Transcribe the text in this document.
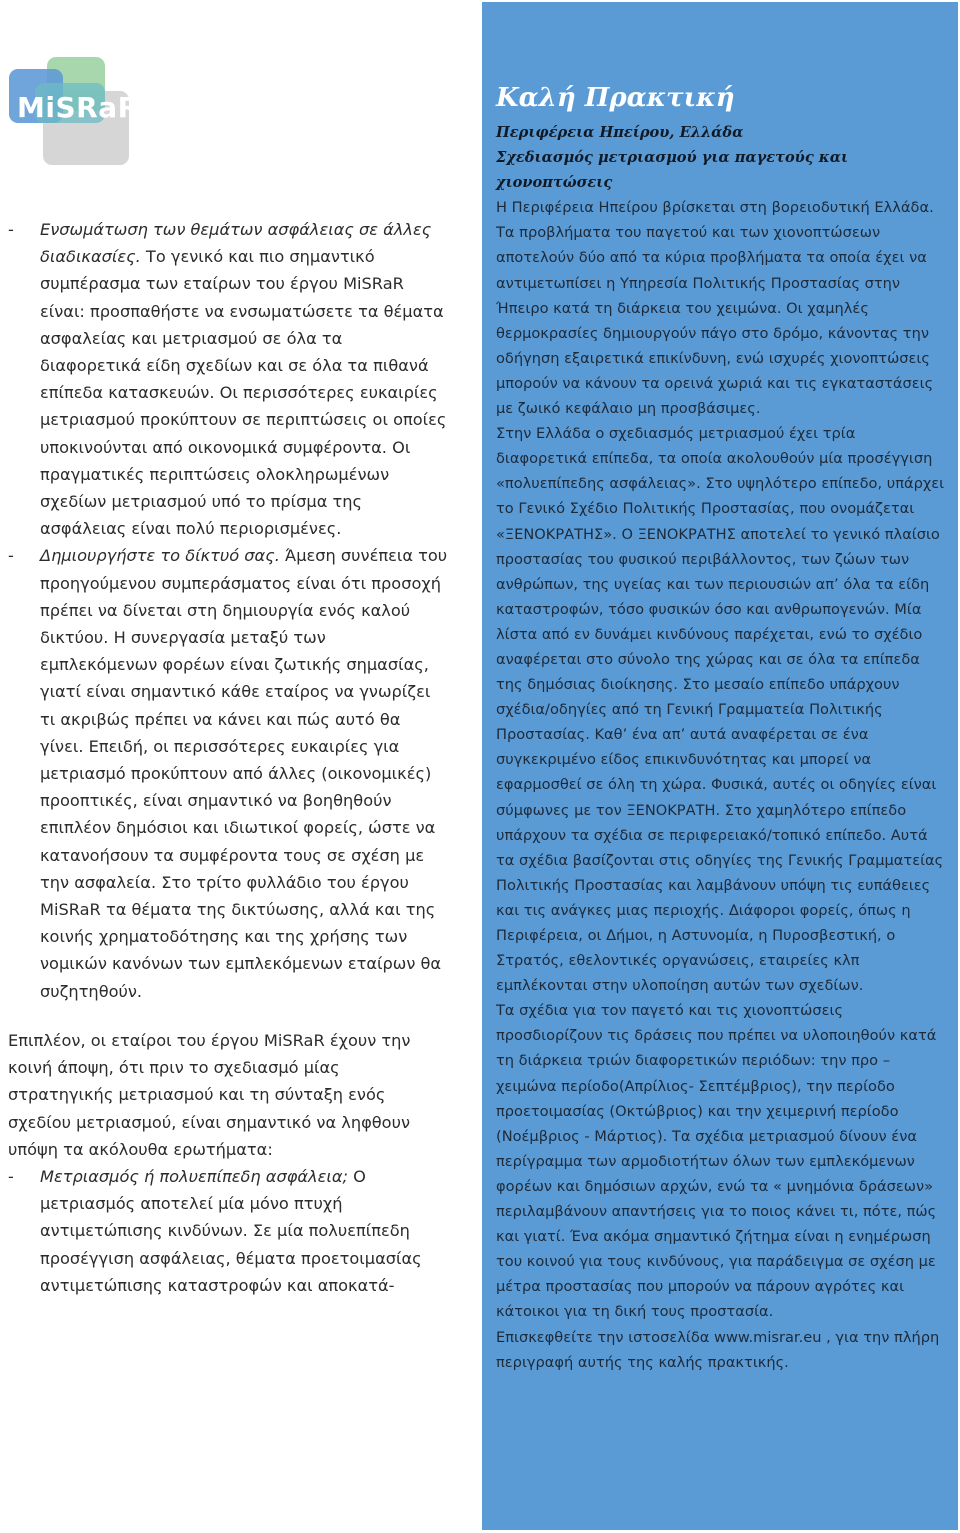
MiSRaR
- Ενσωμάτωση των θεμάτων ασφάλειας σε άλλες διαδικασίες. Το γενικό και πιο σημαντικό συμπέρασμα των εταίρων του έργου MiSRaR είναι: προσπαθήστε να ενσωματώσετε τα θέματα ασφαλείας και μετριασμού σε όλα τα διαφορετικά είδη σχεδίων και σε όλα τα πιθανά επίπεδα κατασκευών. Οι περισσότερες ευκαιρίες μετριασμού προκύπτουν σε περιπτώσεις οι οποίες υποκινούνται από οικονομικά συμφέροντα. Οι πραγματικές περιπτώσεις ολοκληρωμένων σχεδίων μετριασμού υπό το πρίσμα της ασφάλειας είναι πολύ περιορισμένες.
- Δημιουργήστε το δίκτυό σας. Άμεση συνέπεια του προηγούμενου συμπεράσματος είναι ότι προσοχή πρέπει να δίνεται στη δημιουργία ενός καλού δικτύου. Η συνεργασία μεταξύ των εμπλεκόμενων φορέων είναι ζωτικής σημασίας, γιατί είναι σημαντικό κάθε εταίρος να γνωρίζει τι ακριβώς πρέπει να κάνει και πώς αυτό θα γίνει. Επειδή, οι περισσότερες ευκαιρίες για μετριασμό προκύπτουν από άλλες (οικονομικές) προοπτικές, είναι σημαντικό να βοηθηθούν επιπλέον δημόσιοι και ιδιωτικοί φορείς, ώστε να κατανοήσουν τα συμφέροντα τους σε σχέση με την ασφαλεία. Στο τρίτο φυλλάδιο του έργου MiSRaR τα θέματα της δικτύωσης, αλλά και της κοινής χρηματοδότησης και της χρήσης των νομικών κανόνων των εμπλεκόμενων εταίρων θα συζητηθούν.

Επιπλέον, οι εταίροι του έργου MiSRaR έχουν την κοινή άποψη, ότι πριν το σχεδιασμό μίας στρατηγικής μετριασμού και τη σύνταξη ενός σχεδίου μετριασμού, είναι σημαντικό να ληφθουν υπόψη τα ακόλουθα ερωτήματα:

- Μετριασμός ή πολυεπίπεδη ασφάλεια; Ο μετριασμός αποτελεί μία μόνο πτυχή αντιμετώπισης κινδύνων. Σε μία πολυεπίπεδη προσέγγιση ασφάλειας, θέματα προετοιμασίας αντιμετώπισης καταστροφών και αποκατά-
Καλή Πρακτική

Περιφέρεια Ηπείρου, Ελλάδα

Σχεδιασμός μετριασμού για παγετούς και χιονοπτώσεις

Η Περιφέρεια Ηπείρου βρίσκεται στη βορειοδυτική Ελλάδα. Τα προβλήματα του παγετού και των χιονοπτώσεων αποτελούν δύο από τα κύρια προβλήματα τα οποία έχει να αντιμετωπίσει η Υπηρεσία Πολιτικής Προστασίας στην Ήπειρο κατά τη διάρκεια του χειμώνα. Οι χαμηλές θερμοκρασίες δημιουργούν πάγο στο δρόμο, κάνοντας την οδήγηση εξαιρετικά επικίνδυνη, ενώ ισχυρές χιονοπτώσεις μπορούν να κάνουν τα ορεινά χωριά και τις εγκαταστάσεις με ζωικό κεφάλαιο μη προσβάσιμες.

Στην Ελλάδα ο σχεδιασμός μετριασμού έχει τρία διαφορετικά επίπεδα, τα οποία ακολουθούν μία προσέγγιση «πολυεπίπεδης ασφάλειας». Στο υψηλότερο επίπεδο, υπάρχει το Γενικό Σχέδιο Πολιτικής Προστασίας, που ονομάζεται «ΞΕΝΟΚΡΑΤΗΣ». Ο ΞΕΝΟΚΡΑΤΗΣ αποτελεί το γενικό πλαίσιο προστασίας του φυσικού περιβάλλοντος, των ζώων των ανθρώπων, της υγείας και των περιουσιών απ’ όλα τα είδη καταστροφών, τόσο φυσικών όσο και ανθρωπογενών. Μία λίστα από εν δυνάμει κινδύνους παρέχεται, ενώ το σχέδιο αναφέρεται στο σύνολο της χώρας και σε όλα τα επίπεδα της δημόσιας διοίκησης. Στο μεσαίο επίπεδο υπάρχουν σχέδια/οδηγίες από τη Γενική Γραμματεία Πολιτικής Προστασίας. Καθ’ ένα απ’ αυτά αναφέρεται σε ένα συγκεκριμένο είδος επικινδυνότητας και μπορεί να εφαρμοσθεί σε όλη τη χώρα. Φυσικά, αυτές οι οδηγίες είναι σύμφωνες με τον ΞΕΝΟΚΡΑΤΗ. Στο χαμηλότερο επίπεδο υπάρχουν τα σχέδια σε περιφερειακό/τοπικό επίπεδο. Αυτά τα σχέδια βασίζονται στις οδηγίες της Γενικής Γραμματείας Πολιτικής Προστασίας και λαμβάνουν υπόψη τις ευπάθειες και τις ανάγκες μιας περιοχής. Διάφοροι φορείς, όπως η Περιφέρεια, οι Δήμοι, η Αστυνομία, η Πυροσβεστική, ο Στρατός, εθελοντικές οργανώσεις, εταιρείες κλπ εμπλέκονται στην υλοποίηση αυτών των σχεδίων.

Τα σχέδια για τον παγετό και τις χιονοπτώσεις προσδιορίζουν τις δράσεις που πρέπει να υλοποιηθούν κατά τη διάρκεια τριών διαφορετικών περιόδων: την προ – χειμώνα περίοδο(Απρίλιος- Σεπτέμβριος), την περίοδο προετοιμασίας (Οκτώβριος) και την χειμερινή περίοδο (Νοέμβριος - Μάρτιος). Τα σχέδια μετριασμού δίνουν ένα περίγραμμα των αρμοδιοτήτων όλων των εμπλεκόμενων φορέων και δημόσιων αρχών, ενώ τα « μνημόνια δράσεων» περιλαμβάνουν απαντήσεις για το ποιος κάνει τι, πότε, πώς και γιατί. Ένα ακόμα σημαντικό ζήτημα είναι η ενημέρωση του κοινού για τους κινδύνους, για παράδειγμα σε σχέση με μέτρα προστασίας που μπορούν να πάρουν αγρότες και κάτοικοι για τη δική τους προστασία.

Επισκεφθείτε την ιστοσελίδα www.misrar.eu , για την πλήρη περιγραφή αυτής της καλής πρακτικής.
